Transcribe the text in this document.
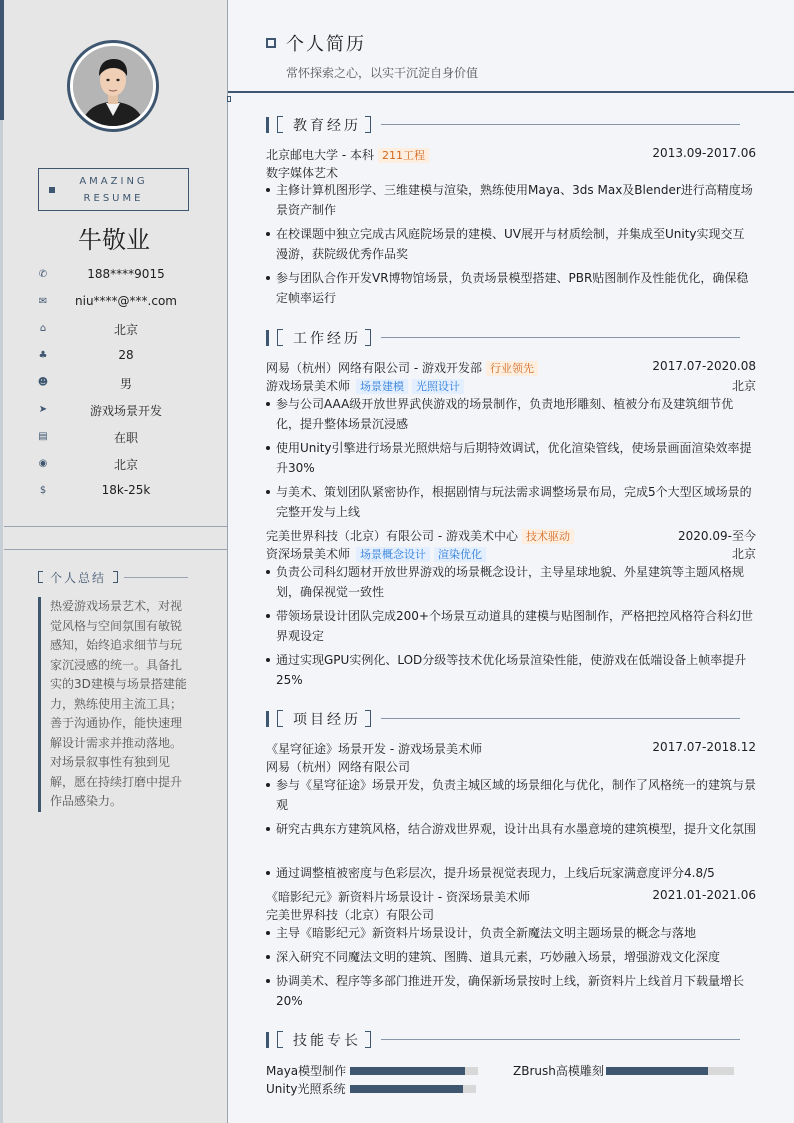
AMAZING
RESUME
牛敬业
✆	188****9015
✉	niu****@***.com
⌂	北京
♣	28
☻	男
➤	游戏场景开发
▤	在职
◉	北京
$	18k-25k
个人总结
热爱游戏场景艺术，对视觉风格与空间氛围有敏锐感知，始终追求细节与玩家沉浸感的统一。具备扎实的3D建模与场景搭建能力，熟练使用主流工具；善于沟通协作，能快速理解设计需求并推动落地。对场景叙事性有独到见解，愿在持续打磨中提升作品感染力。
个人简历
常怀探索之心，以实干沉淀自身价值
教育经历
北京邮电大学 - 本科 211工程	2013.09-2017.06
数字媒体艺术
主修计算机图形学、三维建模与渲染，熟练使用Maya、3ds Max及Blender进行高精度场景资产制作
在校课题中独立完成古风庭院场景的建模、UV展开与材质绘制，并集成至Unity实现交互漫游，获院级优秀作品奖
参与团队合作开发VR博物馆场景，负责场景模型搭建、PBR贴图制作及性能优化，确保稳定帧率运行
工作经历
网易（杭州）网络有限公司 - 游戏开发部 行业领先	2017.07-2020.08
游戏场景美术师 场景建模 光照设计	北京
参与公司AAA级开放世界武侠游戏的场景制作，负责地形雕刻、植被分布及建筑细节优化，提升整体场景沉浸感
使用Unity引擎进行场景光照烘焙与后期特效调试，优化渲染管线，使场景画面渲染效率提升30%
与美术、策划团队紧密协作，根据剧情与玩法需求调整场景布局，完成5个大型区域场景的完整开发与上线
完美世界科技（北京）有限公司 - 游戏美术中心 技术驱动	2020.09-至今
资深场景美术师 场景概念设计 渲染优化	北京
负责公司科幻题材开放世界游戏的场景概念设计，主导星球地貌、外星建筑等主题风格规划，确保视觉一致性
带领场景设计团队完成200+个场景互动道具的建模与贴图制作，严格把控风格符合科幻世界观设定
通过实现GPU实例化、LOD分级等技术优化场景渲染性能，使游戏在低端设备上帧率提升25%
项目经历
《星穹征途》场景开发 - 游戏场景美术师	2017.07-2018.12
网易（杭州）网络有限公司
参与《星穹征途》场景开发，负责主城区域的场景细化与优化，制作了风格统一的建筑与景观
研究古典东方建筑风格，结合游戏世界观，设计出具有水墨意境的建筑模型，提升文化氛围
通过调整植被密度与色彩层次，提升场景视觉表现力，上线后玩家满意度评分4.8/5
《暗影纪元》新资料片场景设计 - 资深场景美术师	2021.01-2021.06
完美世界科技（北京）有限公司
主导《暗影纪元》新资料片场景设计，负责全新魔法文明主题场景的概念与落地
深入研究不同魔法文明的建筑、图腾、道具元素，巧妙融入场景，增强游戏文化深度
协调美术、程序等多部门推进开发，确保新场景按时上线，新资料片上线首月下载量增长20%
技能专长
Maya模型制作	ZBrush高模雕刻
Unity光照系统
